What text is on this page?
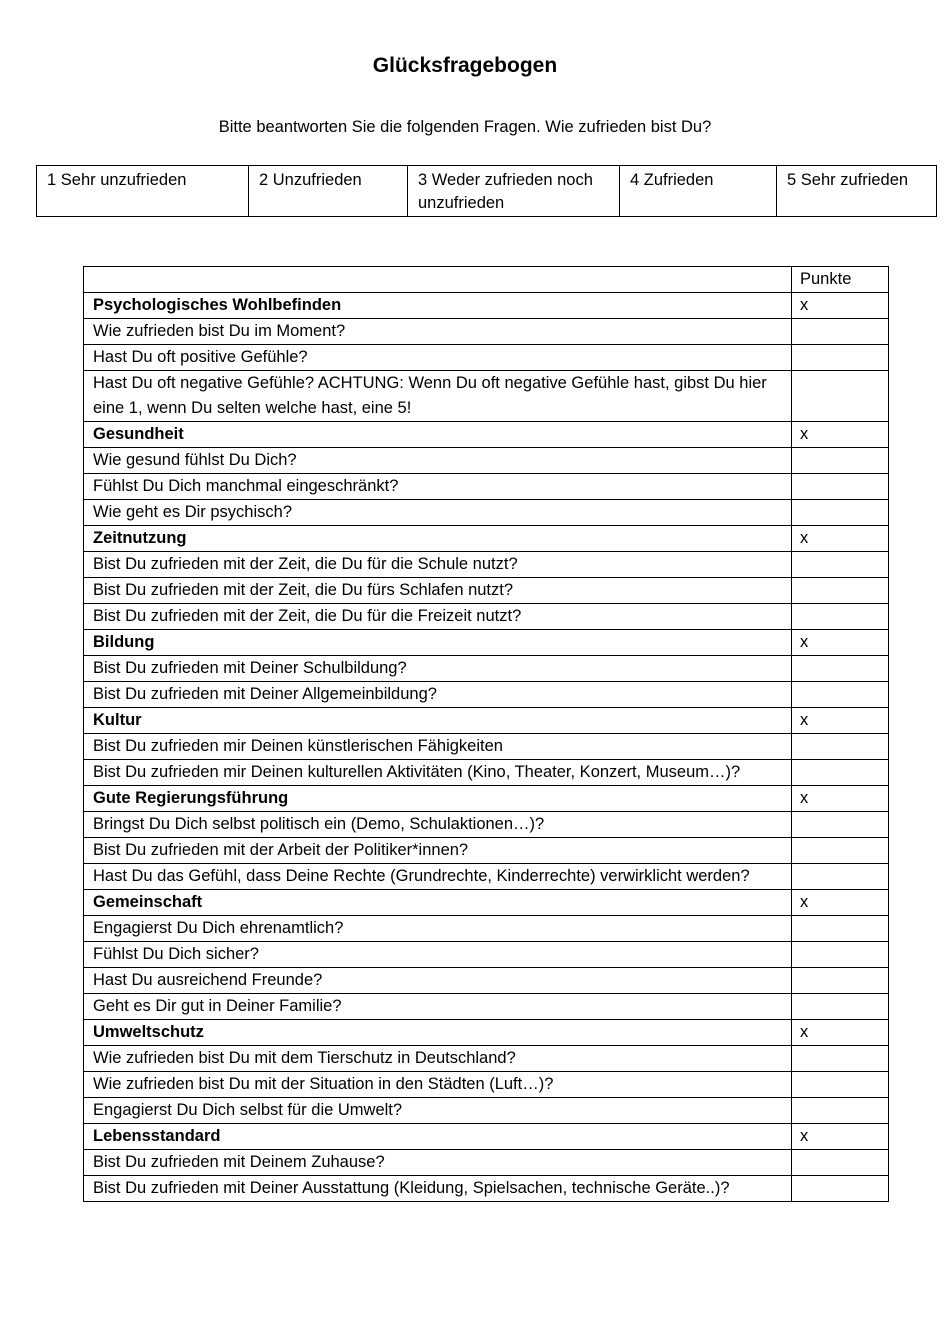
Glücksfragebogen
Bitte beantworten Sie die folgenden Fragen. Wie zufrieden bist Du?
1 Sehr unzufrieden	2 Unzufrieden	3 Weder zufrieden noch unzufrieden	4 Zufrieden	5 Sehr zufrieden
	Punkte
Psychologisches Wohlbefinden	x
Wie zufrieden bist Du im Moment?	
Hast Du oft positive Gefühle?	
Hast Du oft negative Gefühle? ACHTUNG: Wenn Du oft negative Gefühle hast, gibst Du hier eine 1, wenn Du selten welche hast, eine 5!	
Gesundheit	x
Wie gesund fühlst Du Dich?	
Fühlst Du Dich manchmal eingeschränkt?	
Wie geht es Dir psychisch?	
Zeitnutzung	x
Bist Du zufrieden mit der Zeit, die Du für die Schule nutzt?	
Bist Du zufrieden mit der Zeit, die Du fürs Schlafen nutzt?	
Bist Du zufrieden mit der Zeit, die Du für die Freizeit nutzt?	
Bildung	x
Bist Du zufrieden mit Deiner Schulbildung?	
Bist Du zufrieden mit Deiner Allgemeinbildung?	
Kultur	x
Bist Du zufrieden mir Deinen künstlerischen Fähigkeiten	
Bist Du zufrieden mir Deinen kulturellen Aktivitäten (Kino, Theater, Konzert, Museum…)?	
Gute Regierungsführung	x
Bringst Du Dich selbst politisch ein (Demo, Schulaktionen…)?	
Bist Du zufrieden mit der Arbeit der Politiker*innen?	
Hast Du das Gefühl, dass Deine Rechte (Grundrechte, Kinderrechte) verwirklicht werden?	
Gemeinschaft	x
Engagierst Du Dich ehrenamtlich?	
Fühlst Du Dich sicher?	
Hast Du ausreichend Freunde?	
Geht es Dir gut in Deiner Familie?	
Umweltschutz	x
Wie zufrieden bist Du mit dem Tierschutz in Deutschland?	
Wie zufrieden bist Du mit der Situation in den Städten (Luft…)?	
Engagierst Du Dich selbst für die Umwelt?	
Lebensstandard	x
Bist Du zufrieden mit Deinem Zuhause?	
Bist Du zufrieden mit Deiner Ausstattung (Kleidung, Spielsachen, technische Geräte..)?	
